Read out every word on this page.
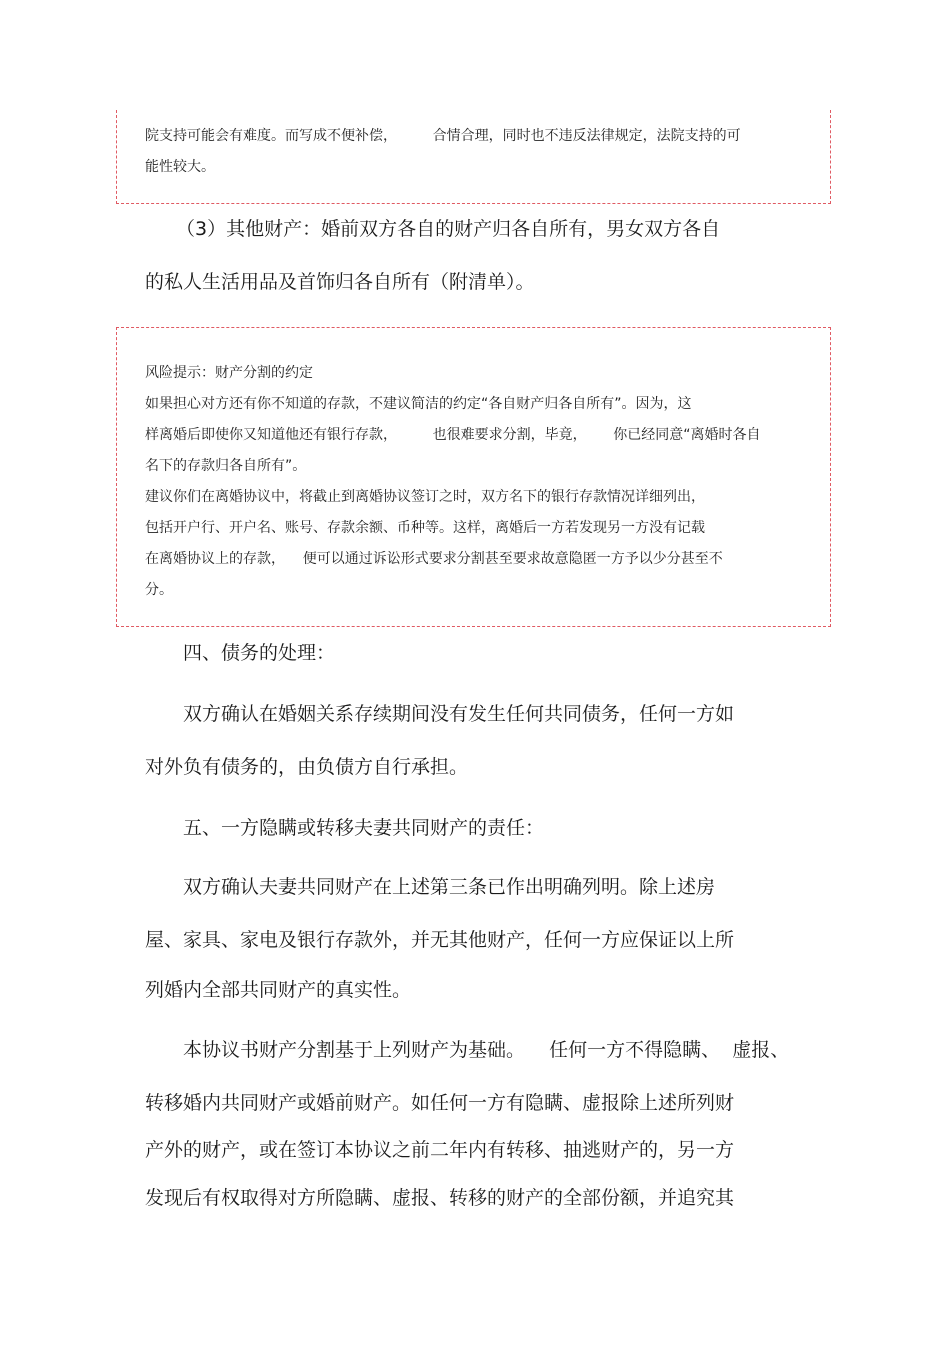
院支持可能会有难度。而写成不便补偿，        合情合理，同时也不违反法律规定，法院支持的可
能性较大。
（3）其他财产：婚前双方各自的财产归各自所有，男女双方各自
的私人生活用品及首饰归各自所有（附清单）。
风险提示：财产分割的约定
如果担心对方还有你不知道的存款，不建议简洁的约定“各自财产归各自所有”。因为，这
样离婚后即使你又知道他还有银行存款，        也很难要求分割，毕竟，      你已经同意“离婚时各自
名下的存款归各自所有”。
建议你们在离婚协议中，将截止到离婚协议签订之时，双方名下的银行存款情况详细列出，
包括开户行、开户名、账号、存款余额、币种等。这样，离婚后一方若发现另一方没有记载
在离婚协议上的存款，    便可以通过诉讼形式要求分割甚至要求故意隐匿一方予以少分甚至不
分。
四、债务的处理：
双方确认在婚姻关系存续期间没有发生任何共同债务，任何一方如
对外负有债务的，由负债方自行承担。
五、一方隐瞒或转移夫妻共同财产的责任：
双方确认夫妻共同财产在上述第三条已作出明确列明。除上述房
屋、家具、家电及银行存款外，并无其他财产，任何一方应保证以上所
列婚内全部共同财产的真实性。
本协议书财产分割基于上列财产为基础。    任何一方不得隐瞒、  虚报、
转移婚内共同财产或婚前财产。如任何一方有隐瞒、虚报除上述所列财
产外的财产，或在签订本协议之前二年内有转移、抽逃财产的，另一方
发现后有权取得对方所隐瞒、虚报、转移的财产的全部份额，并追究其
